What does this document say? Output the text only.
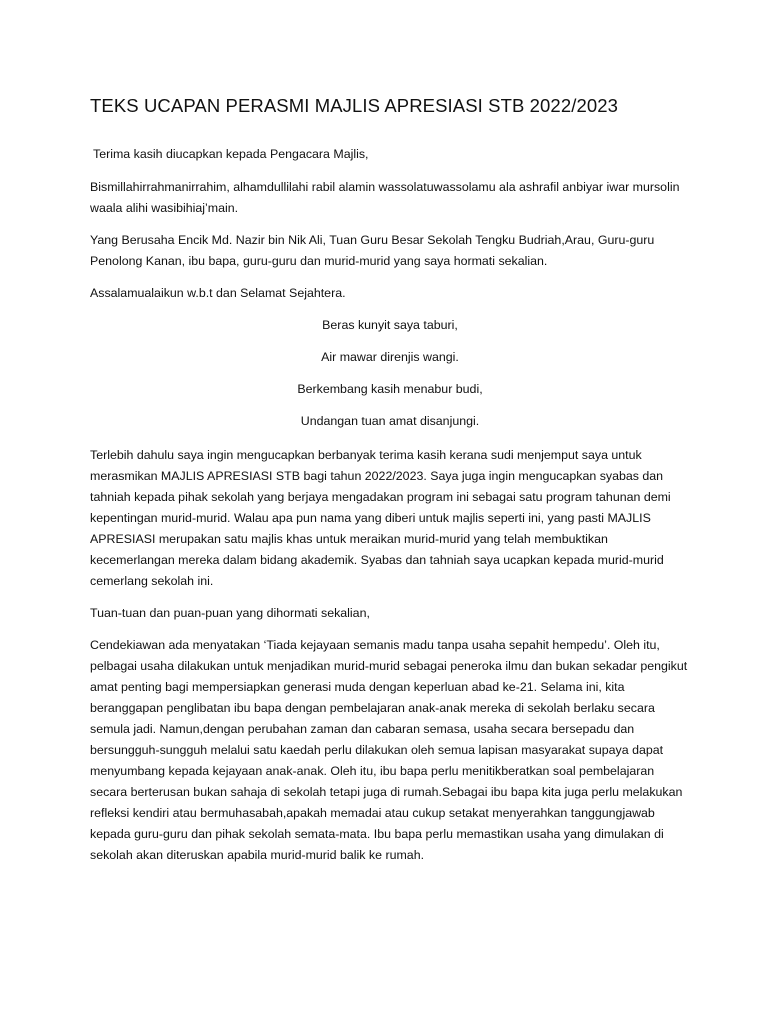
TEKS UCAPAN PERASMI MAJLIS APRESIASI STB 2022/2023

Terima kasih diucapkan kepada Pengacara Majlis,

Bismillahirrahmanirrahim, alhamdullilahi rabil alamin wassolatuwassolamu ala ashrafil anbiyar iwar mursolin waala alihi wasibihiaj’main.

Yang Berusaha Encik Md. Nazir bin Nik Ali, Tuan Guru Besar Sekolah Tengku Budriah,Arau, Guru-guru Penolong Kanan, ibu bapa, guru-guru dan murid-murid yang saya hormati sekalian.

Assalamualaikun w.b.t dan Selamat Sejahtera.

Beras kunyit saya taburi,

Air mawar direnjis wangi.

Berkembang kasih menabur budi,

Undangan tuan amat disanjungi.

Terlebih dahulu saya ingin mengucapkan berbanyak terima kasih kerana sudi menjemput saya untuk merasmikan MAJLIS APRESIASI STB bagi tahun 2022/2023. Saya juga ingin mengucapkan syabas dan tahniah kepada pihak sekolah yang berjaya mengadakan program ini sebagai satu program tahunan demi kepentingan murid-murid. Walau apa pun nama yang diberi untuk majlis seperti ini, yang pasti MAJLIS APRESIASI merupakan satu majlis khas untuk meraikan murid-murid yang telah membuktikan kecemerlangan mereka dalam bidang akademik. Syabas dan tahniah saya ucapkan kepada murid-murid cemerlang sekolah ini.

Tuan-tuan dan puan-puan yang dihormati sekalian,

Cendekiawan ada menyatakan ‘Tiada kejayaan semanis madu tanpa usaha sepahit hempedu’. Oleh itu, pelbagai usaha dilakukan untuk menjadikan murid-murid sebagai peneroka ilmu dan bukan sekadar pengikut amat penting bagi mempersiapkan generasi muda dengan keperluan abad ke-21. Selama ini, kita beranggapan penglibatan ibu bapa dengan pembelajaran anak-anak mereka di sekolah berlaku secara semula jadi. Namun,dengan perubahan zaman dan cabaran semasa, usaha secara bersepadu dan bersungguh-sungguh melalui satu kaedah perlu dilakukan oleh semua lapisan masyarakat supaya dapat menyumbang kepada kejayaan anak-anak. Oleh itu, ibu bapa perlu menitikberatkan soal pembelajaran secara berterusan bukan sahaja di sekolah tetapi juga di rumah.Sebagai ibu bapa kita juga perlu melakukan refleksi kendiri atau bermuhasabah,apakah memadai atau cukup setakat menyerahkan tanggungjawab kepada guru-guru dan pihak sekolah semata-mata. Ibu bapa perlu memastikan usaha yang dimulakan di sekolah akan diteruskan apabila murid-murid balik ke rumah.
